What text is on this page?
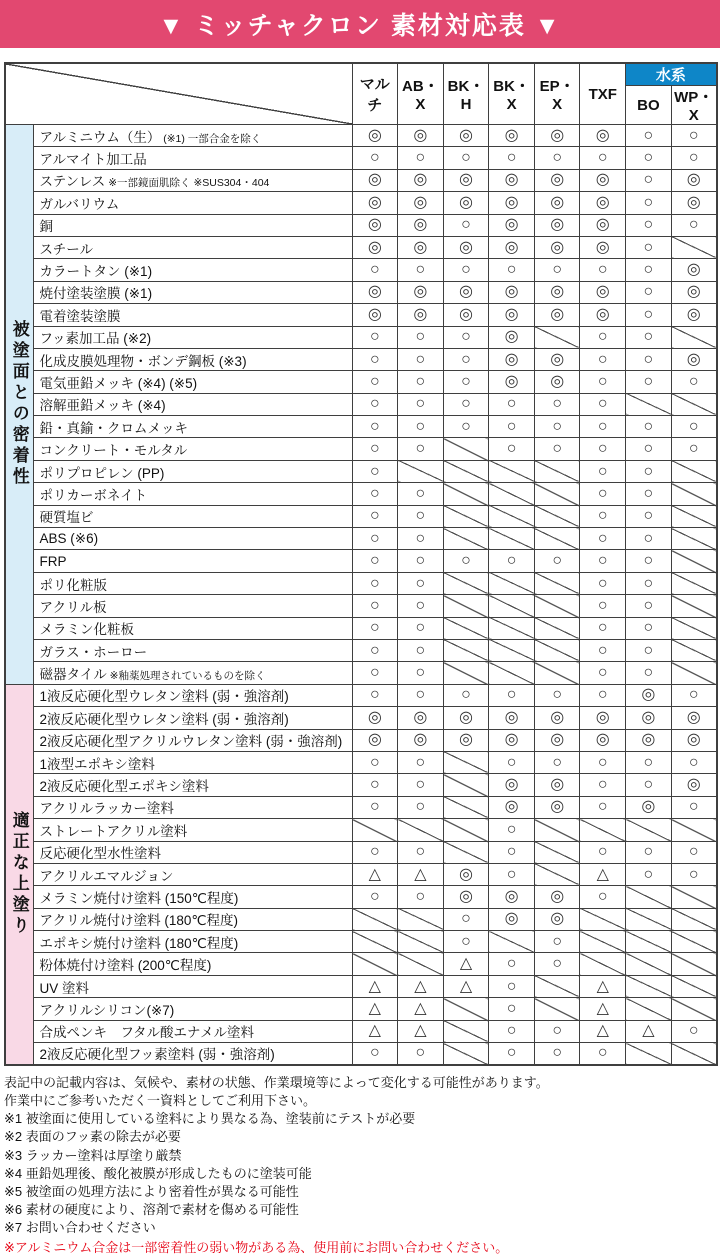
▼ ミッチャクロン 素材対応表 ▼
		マルチ	AB・X	BK・H	BK・X	EP・X	TXF	水系	
								BO	WP・X

被塗面との密着性	アルミニウム（生） (※1) 一部合金を除く	◎	◎	◎	◎	◎	◎	○	○
	アルマイト加工品	○	○	○	○	○	○	○	○
	ステンレス ※一部鏡面肌除く ※SUS304・404	◎	◎	◎	◎	◎	◎	○	◎
	ガルバリウム	◎	◎	◎	◎	◎	◎	○	◎
	銅	◎	◎	○	◎	◎	◎	○	○
	スチール	◎	◎	◎	◎	◎	◎	○	
	カラートタン (※1)	○	○	○	○	○	○	○	◎
	焼付塗装塗膜 (※1)	◎	◎	◎	◎	◎	◎	○	◎
	電着塗装塗膜	◎	◎	◎	◎	◎	◎	○	◎
	フッ素加工品 (※2)	○	○	○	◎		○	○	
	化成皮膜処理物・ボンデ鋼板 (※3)	○	○	○	◎	◎	○	○	◎
	電気亜鉛メッキ (※4) (※5)	○	○	○	◎	◎	○	○	○
	溶解亜鉛メッキ (※4)	○	○	○	○	○	○		
	鉛・真鍮・クロムメッキ	○	○	○	○	○	○	○	○
	コンクリート・モルタル	○	○		○	○	○	○	○
	ポリプロピレン (PP)	○					○	○	
	ポリカーボネイト	○	○				○	○	
	硬質塩ビ	○	○				○	○	
	ABS (※6)	○	○				○	○	
	FRP	○	○	○	○	○	○	○	
	ポリ化粧版	○	○				○	○	
	アクリル板	○	○				○	○	
	メラミン化粧板	○	○				○	○	
	ガラス・ホーロー	○	○				○	○	
	磁器タイル ※釉薬処理されているものを除く	○	○				○	○	

適正な上塗り	1液反応硬化型ウレタン塗料 (弱・強溶剤)	○	○	○	○	○	○	◎	○
	2液反応硬化型ウレタン塗料 (弱・強溶剤)	◎	◎	◎	◎	◎	◎	◎	◎
	2液反応硬化型アクリルウレタン塗料 (弱・強溶剤)	◎	◎	◎	◎	◎	◎	◎	◎
	1液型エポキシ塗料	○	○		○	○	○	○	○
	2液反応硬化型エポキシ塗料	○	○		◎	◎	○	○	◎
	アクリルラッカー塗料	○	○		◎	◎	○	◎	○
	ストレートアクリル塗料				○				
	反応硬化型水性塗料	○	○		○		○	○	○
	アクリルエマルジョン	△	△	◎	○		△	○	○
	メラミン焼付け塗料 (150℃程度)	○	○	◎	◎	◎	○		
	アクリル焼付け塗料 (180℃程度)			○	◎	◎			
	エポキシ焼付け塗料 (180℃程度)			○		○			
	粉体焼付け塗料 (200℃程度)			△	○	○			
	UV 塗料	△	△	△	○		△		
	アクリルシリコン(※7)	△	△		○		△		
	合成ペンキ　フタル酸エナメル塗料	△	△		○	○	△	△	○
	2液反応硬化型フッ素塗料 (弱・強溶剤)	○	○		○	○	○		
表記中の記載内容は、気候や、素材の状態、作業環境等によって変化する可能性があります。
作業中にご参考いただく一資料としてご利用下さい。
※1 被塗面に使用している塗料により異なる為、塗装前にテストが必要
※2 表面のフッ素の除去が必要
※3 ラッカー塗料は厚塗り厳禁
※4 亜鉛処理後、酸化被膜が形成したものに塗装可能
※5 被塗面の処理方法により密着性が異なる可能性
※6 素材の硬度により、溶剤で素材を傷める可能性
※7 お問い合わせください
※アルミニウム合金は一部密着性の弱い物がある為、使用前にお問い合わせください。
